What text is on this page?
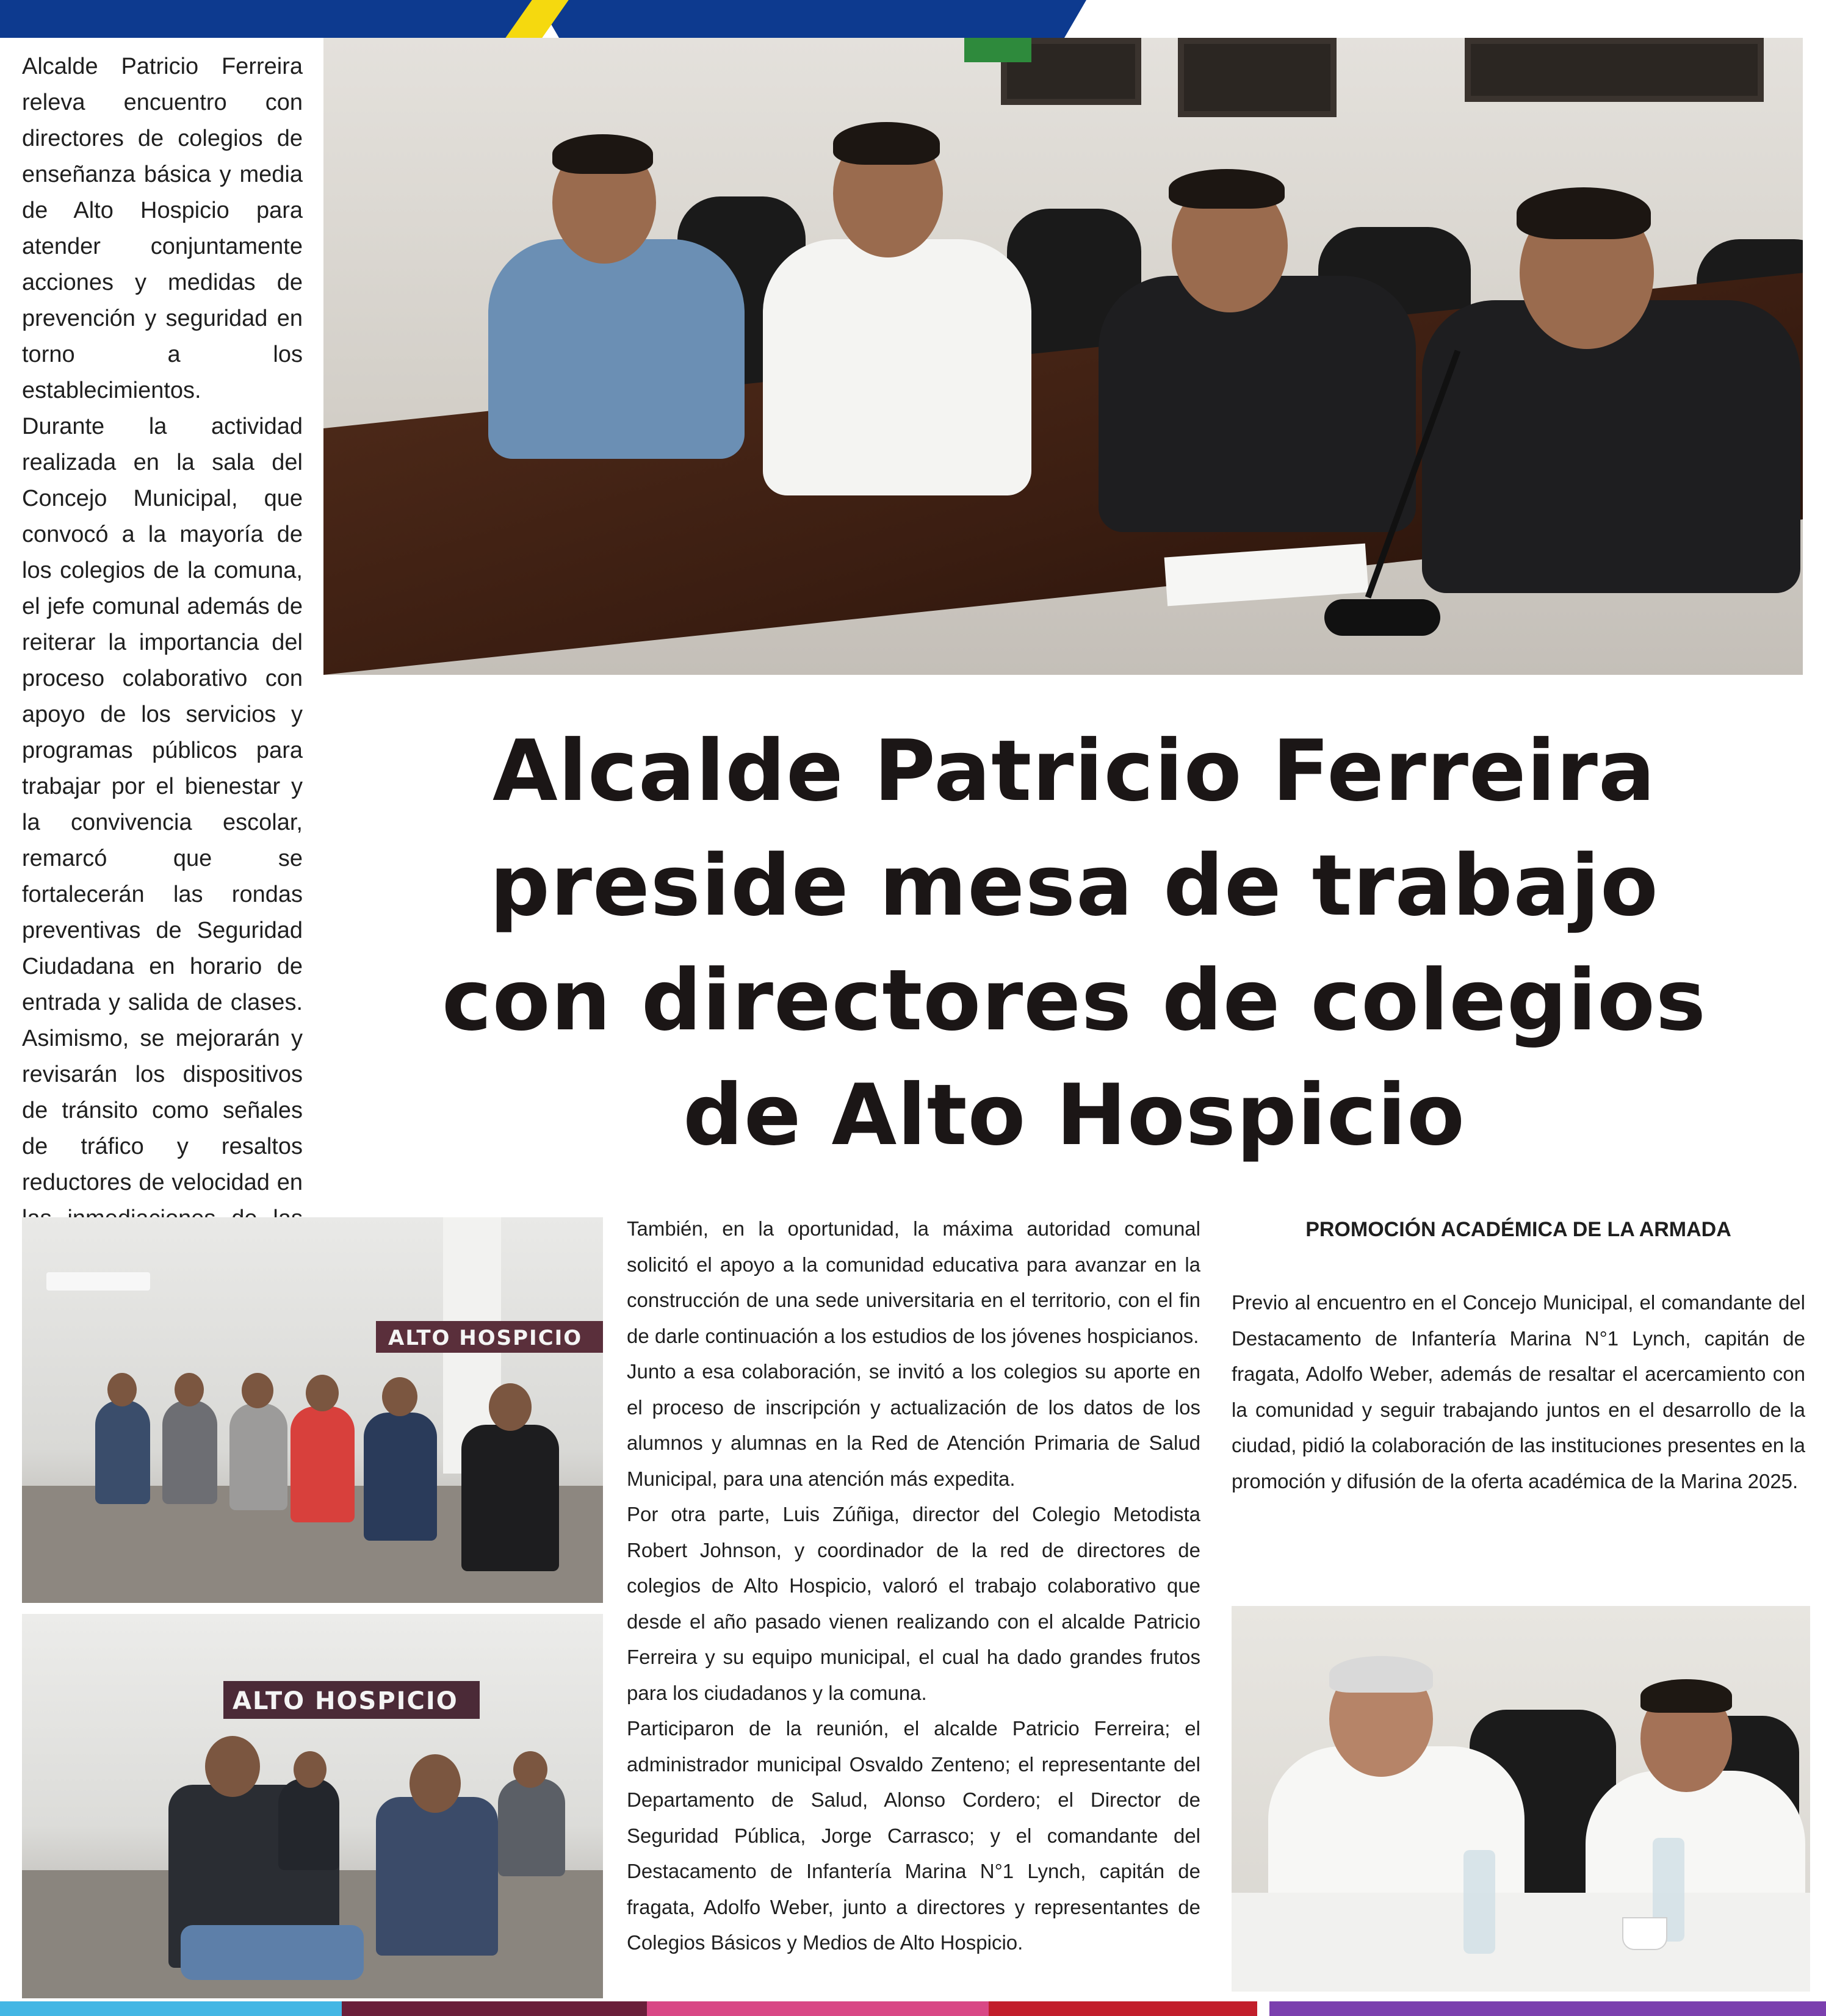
Alcalde Patricio Ferreira releva encuentro con directores de colegios de enseñanza básica y media de Alto Hospicio para atender conjuntamente acciones y medidas de prevención y seguridad en torno a los establecimientos.

Durante la actividad realizada en la sala del Concejo Municipal, que convocó a la mayoría de los colegios de la comuna, el jefe comunal además de reiterar la importancia del proceso colaborativo con apoyo de los servicios y programas públicos para trabajar por el bienestar y la convivencia escolar, remarcó que se fortalecerán las rondas preventivas de Seguridad Ciudadana en horario de entrada y salida de clases. Asimismo, se mejorarán y revisarán los dispositivos de tránsito como señales de tráfico y resaltos reductores de velocidad en

Alcalde Patricio Ferreira
preside mesa de trabajo
con directores de colegios
de Alto Hospicio
ALTO HOSPICIO
ALTO HOSPICIO

También, en la oportunidad, la máxima autoridad comunal solicitó el apoyo a la comunidad educativa para avanzar en la construcción de una sede universitaria en el territorio, con el fin de darle continuación a los estudios de los jóvenes hospicianos.

Junto a esa colaboración, se invitó a los colegios su aporte en el proceso de inscripción y actualización de los datos de los alumnos y alumnas en la Red de Atención Primaria de Salud Municipal, para una atención más expedita.

Por otra parte, Luis Zúñiga, director del Colegio Metodista Robert Johnson, y coordinador de la red de directores de colegios de Alto Hospicio, valoró el trabajo colaborativo que desde el año pasado vienen realizando con el alcalde Patricio Ferreira y su equipo municipal, el cual ha dado grandes frutos para los ciudadanos y la comuna.

Participaron de la reunión, el alcalde Patricio Ferreira; el administrador municipal Osvaldo Zenteno; el representante del Departamento de Salud, Alonso Cordero; el Director de Seguridad Pública, Jorge Carrasco; y el comandante del Destacamento de Infantería Marina N°1 Lynch, capitán de fragata, Adolfo Weber, junto a directores y representantes de Colegios Básicos y Medios de Alto Hospicio.

PROMOCIÓN ACADÉMICA DE LA ARMADA

Previo al encuentro en el Concejo Municipal, el comandante del Destacamento de Infantería Marina N°1 Lynch, capitán de fragata, Adolfo Weber, además de resaltar el acercamiento con la comunidad y seguir trabajando juntos en el desarrollo de la ciudad, pidió la colaboración de las instituciones presentes en la promoción y difusión de la oferta académica de la Marina 2025.
